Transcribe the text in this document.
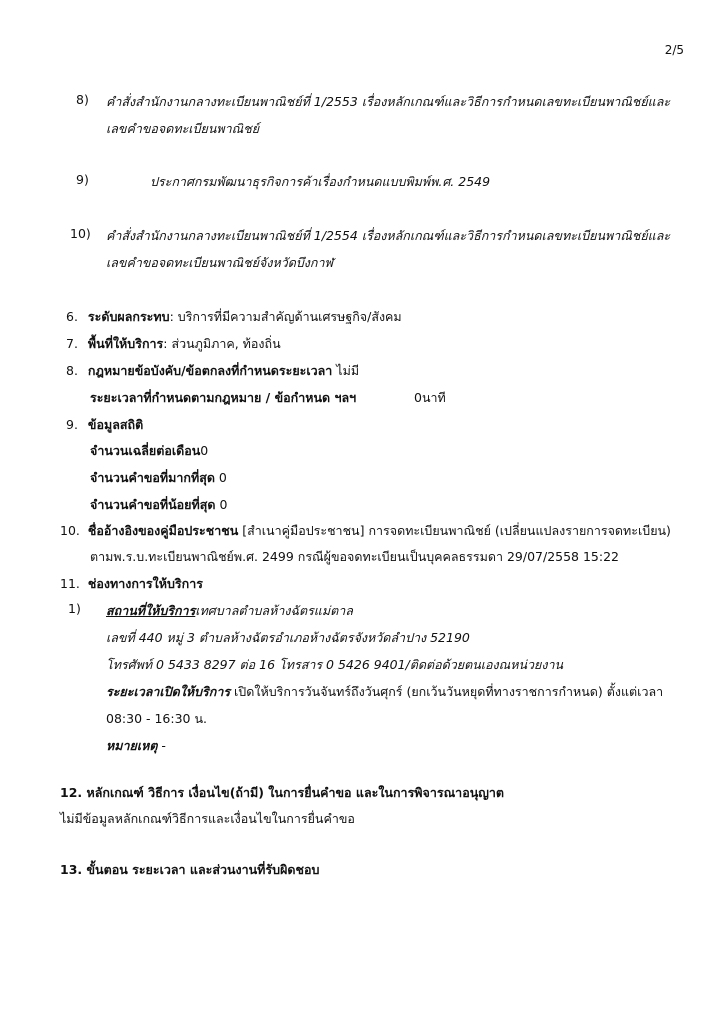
2/5
8) คำสั่งสำนักงานกลางทะเบียนพาณิชย์ที่ 1/2553 เรื่องหลักเกณฑ์และวิธีการกำหนดเลขทะเบียนพาณิชย์และ
เลขคำขอจดทะเบียนพาณิชย์
9)	ประกาศกรมพัฒนาธุรกิจการค้าเรื่องกำหนดแบบพิมพ์พ.ศ. 2549
10) คำสั่งสำนักงานกลางทะเบียนพาณิชย์ที่ 1/2554 เรื่องหลักเกณฑ์และวิธีการกำหนดเลขทะเบียนพาณิชย์และ
เลขคำขอจดทะเบียนพาณิชย์จังหวัดบึงกาฬ
6. ระดับผลกระทบ: บริการที่มีความสำคัญด้านเศรษฐกิจ/สังคม
7. พื้นที่ให้บริการ: ส่วนภูมิภาค, ท้องถิ่น
8. กฎหมายข้อบังคับ/ข้อตกลงที่กำหนดระยะเวลา ไม่มี
ระยะเวลาที่กำหนดตามกฎหมาย / ข้อกำหนด ฯลฯ	0นาที
9. ข้อมูลสถิติ
จำนวนเฉลี่ยต่อเดือน0
จำนวนคำขอที่มากที่สุด 0
จำนวนคำขอที่น้อยที่สุด 0
10. ชื่ออ้างอิงของคู่มือประชาชน [สำเนาคู่มือประชาชน] การจดทะเบียนพาณิชย์ (เปลี่ยนแปลงรายการจดทะเบียน)
ตามพ.ร.บ.ทะเบียนพาณิชย์พ.ศ. 2499 กรณีผู้ขอจดทะเบียนเป็นบุคคลธรรมดา 29/07/2558 15:22
11. ช่องทางการให้บริการ
1) สถานที่ให้บริการเทศบาลตำบลห้างฉัตรแม่ตาล
เลขที่ 440 หมู่ 3 ตำบลห้างฉัตรอำเภอห้างฉัตรจังหวัดลำปาง 52190
โทรศัพท์ 0 5433 8297 ต่อ 16 โทรสาร 0 5426 9401/ติดต่อด้วยตนเองณหน่วยงาน
ระยะเวลาเปิดให้บริการ เปิดให้บริการวันจันทร์ถึงวันศุกร์ (ยกเว้นวันหยุดที่ทางราชการกำหนด) ตั้งแต่เวลา
08:30 - 16:30 น.
หมายเหตุ -
12. หลักเกณฑ์ วิธีการ เงื่อนไข(ถ้ามี) ในการยื่นคำขอ และในการพิจารณาอนุญาต
ไม่มีข้อมูลหลักเกณฑ์วิธีการและเงื่อนไขในการยื่นคำขอ
13. ขั้นตอน ระยะเวลา และส่วนงานที่รับผิดชอบ
